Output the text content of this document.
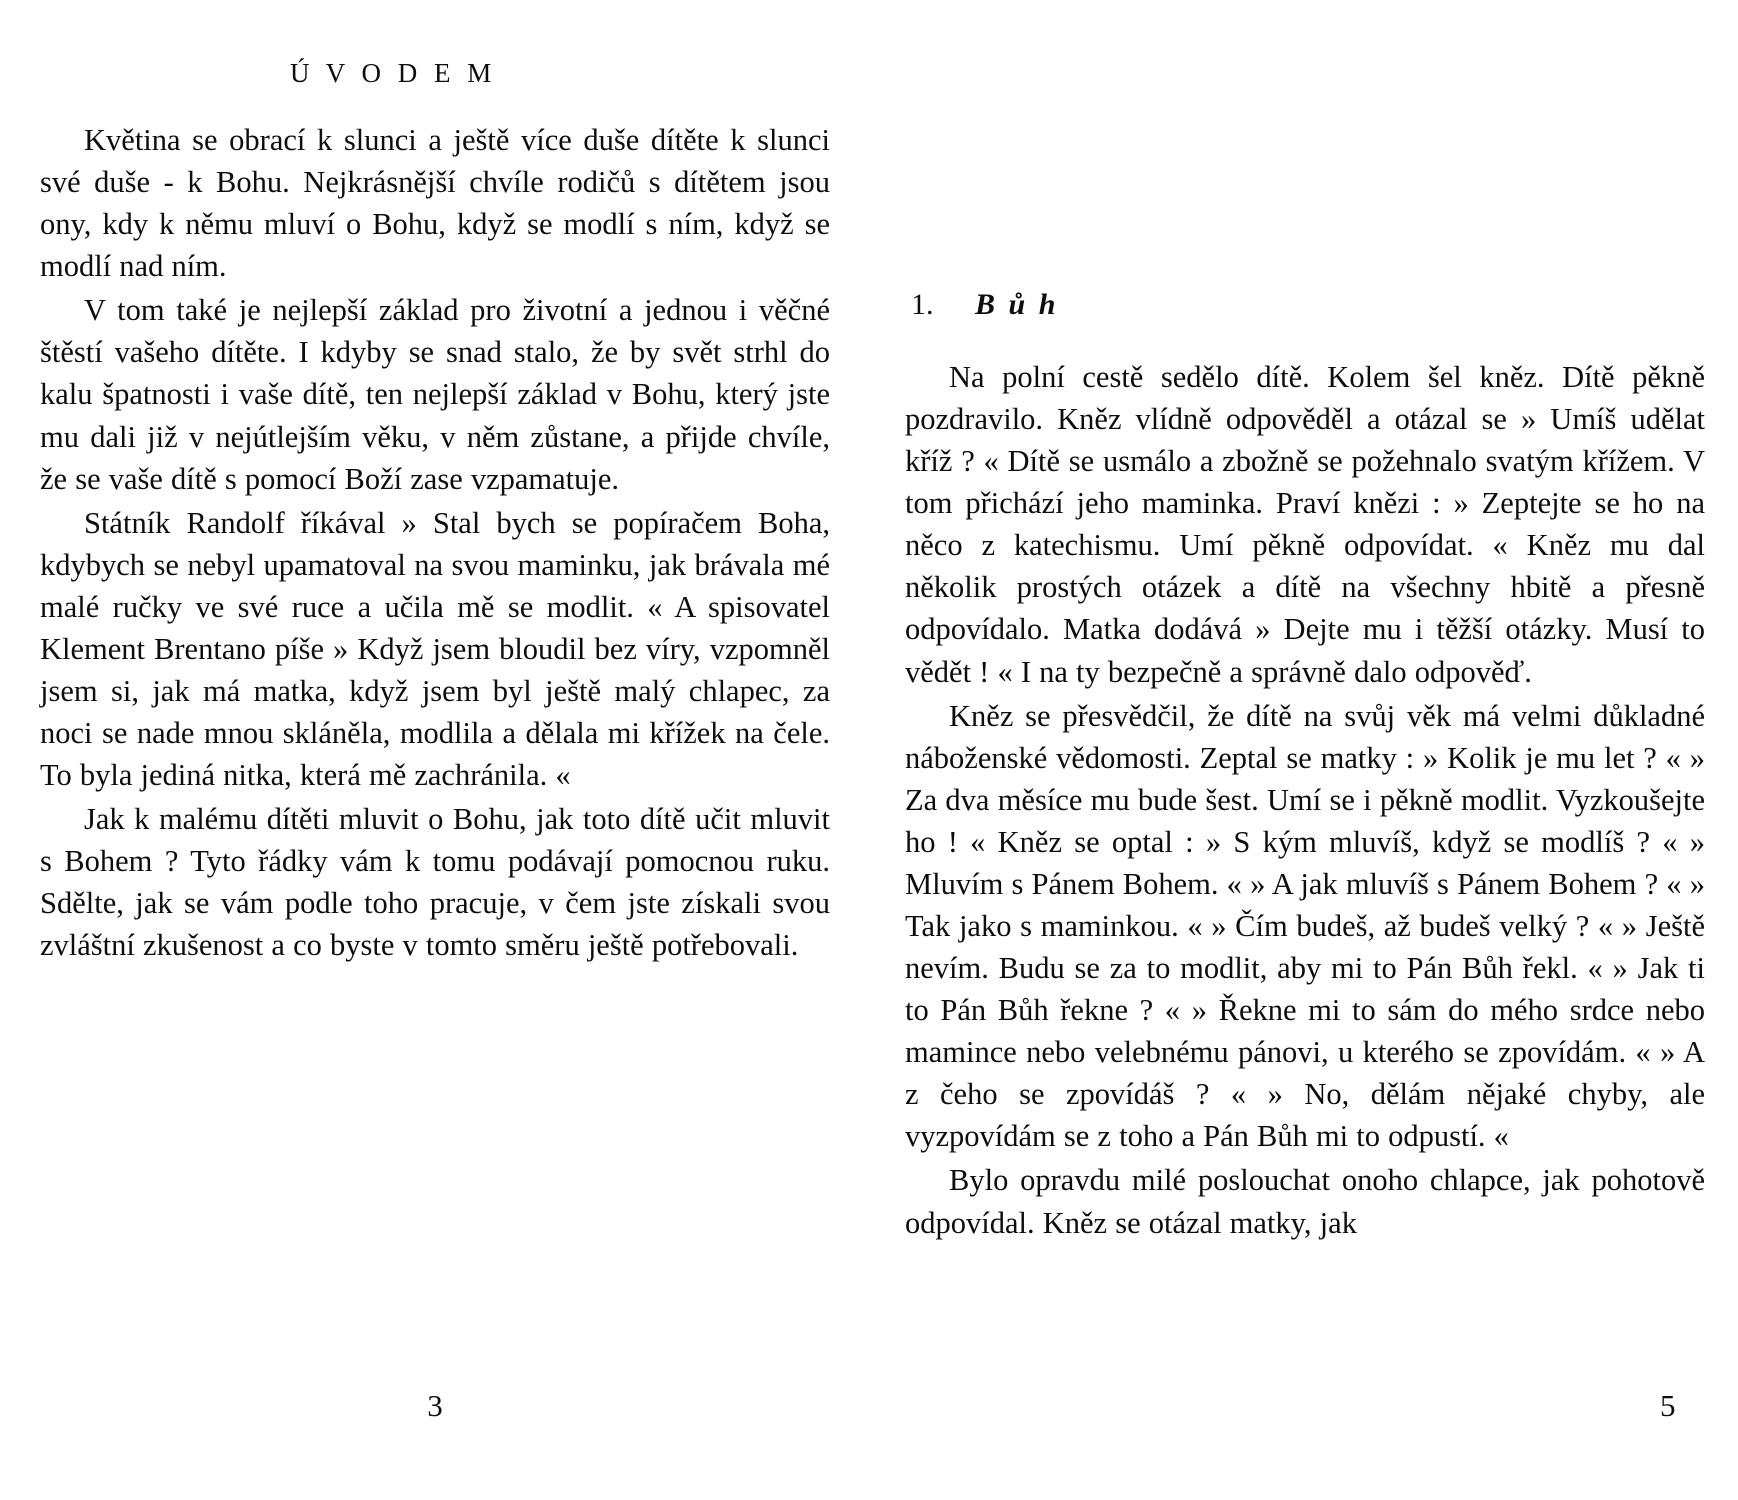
Ú V O D E M

Květina se obrací k slunci a ještě více duše dítěte k slunci své duše - k Bohu. Nejkrásnější chvíle rodičů s dítětem jsou ony, kdy k němu mluví o Bohu, když se modlí s ním, když se modlí nad ním.

V tom také je nejlepší základ pro životní a jednou i věčné štěstí vašeho dítěte. I kdyby se snad stalo, že by svět strhl do kalu špatnosti i vaše dítě, ten nejlepší základ v Bohu, který jste mu dali již v nejútlejším věku, v něm zůstane, a přijde chvíle, že se vaše dítě s pomocí Boží zase vzpamatuje.

Státník Randolf říkával » Stal bych se popíračem Boha, kdybych se nebyl upamatoval na svou maminku, jak brávala mé malé ručky ve své ruce a učila mě se modlit. « A spisovatel Klement Brentano píše » Když jsem bloudil bez víry, vzpomněl jsem si, jak má matka, když jsem byl ještě malý chlapec, za noci se nade mnou skláněla, modlila a dělala mi křížek na čele. To byla jediná nitka, která mě zachránila. «

Jak k malému dítěti mluvit o Bohu, jak toto dítě učit mluvit s Bohem ? Tyto řádky vám k tomu podávají pomocnou ruku. Sdělte, jak se vám podle toho pracuje, v čem jste získali svou zvláštní zkušenost a co byste v tomto směru ještě potřebovali.

1. B ů h

Na polní cestě sedělo dítě. Kolem šel kněz. Dítě pěkně pozdravilo. Kněz vlídně odpověděl a otázal se » Umíš udělat kříž ? « Dítě se usmálo a zbožně se požehnalo svatým křížem. V tom přichází jeho maminka. Praví knězi : » Zeptejte se ho na něco z katechismu. Umí pěkně odpovídat. « Kněz mu dal několik prostých otázek a dítě na všechny hbitě a přesně odpovídalo. Matka dodává » Dejte mu i těžší otázky. Musí to vědět ! « I na ty bezpečně a správně dalo odpověď.

Kněz se přesvědčil, že dítě na svůj věk má velmi důkladné náboženské vědomosti. Zeptal se matky : » Kolik je mu let ? « » Za dva měsíce mu bude šest. Umí se i pěkně modlit. Vyzkoušejte ho ! « Kněz se optal : » S kým mluvíš, když se modlíš ? « » Mluvím s Pánem Bohem. « » A jak mluvíš s Pánem Bohem ? « » Tak jako s maminkou. « » Čím budeš, až budeš velký ? « » Ještě nevím. Budu se za to modlit, aby mi to Pán Bůh řekl. « » Jak ti to Pán Bůh řekne ? « » Řekne mi to sám do mého srdce nebo mamince nebo velebnému pánovi, u kterého se zpovídám. « » A z čeho se zpovídáš ? « » No, dělám nějaké chyby, ale vyzpovídám se z toho a Pán Bůh mi to odpustí. «

Bylo opravdu milé poslouchat onoho chlapce, jak pohotově odpovídal. Kněz se otázal matky, jak

3	5
